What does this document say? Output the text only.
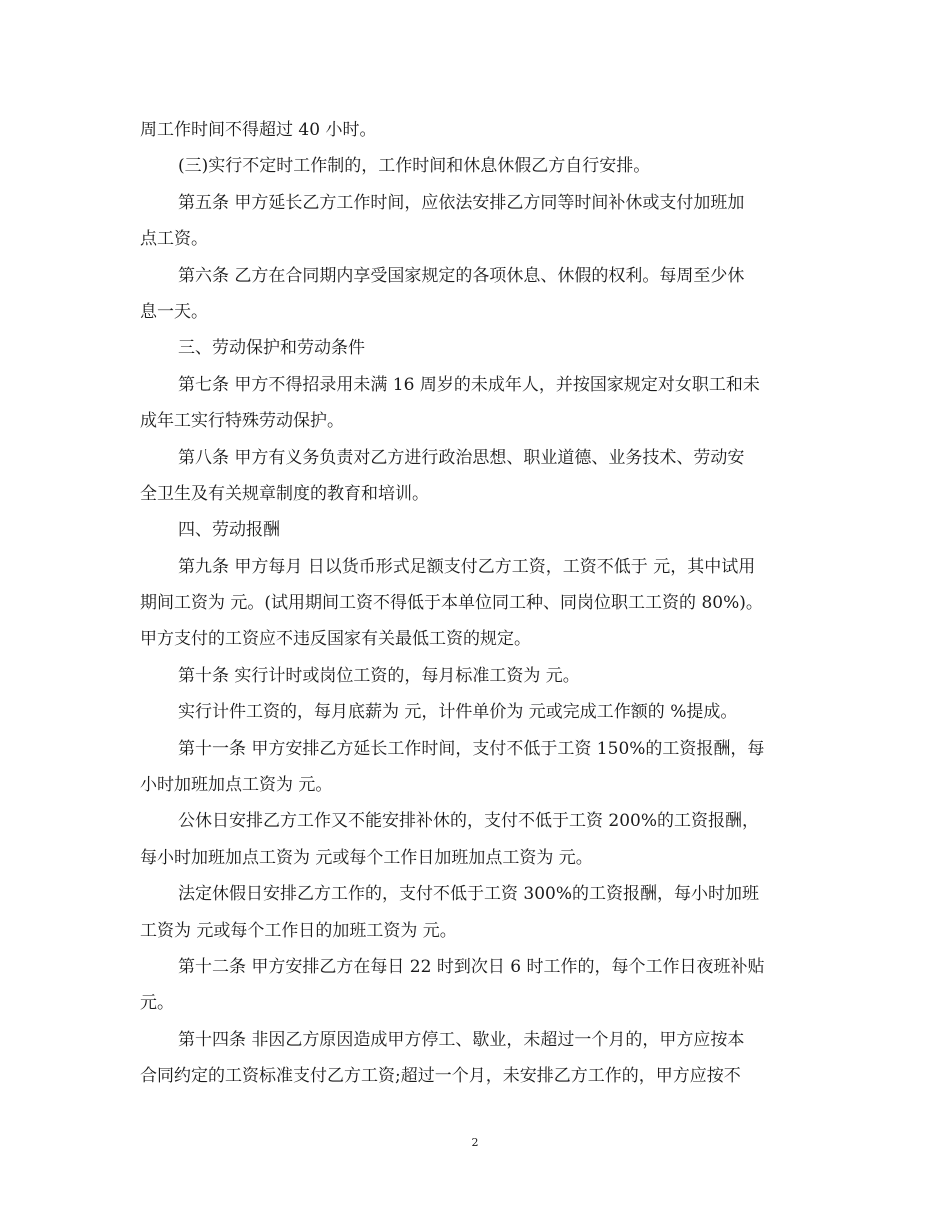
周工作时间不得超过 40 小时。
(三)实行不定时工作制的，工作时间和休息休假乙方自行安排。
第五条 甲方延长乙方工作时间，应依法安排乙方同等时间补休或支付加班加
点工资。
第六条 乙方在合同期内享受国家规定的各项休息、休假的权利。每周至少休
息一天。
三、劳动保护和劳动条件
第七条 甲方不得招录用未满 16 周岁的未成年人，并按国家规定对女职工和未
成年工实行特殊劳动保护。
第八条 甲方有义务负责对乙方进行政治思想、职业道德、业务技术、劳动安
全卫生及有关规章制度的教育和培训。
四、劳动报酬
第九条 甲方每月 日以货币形式足额支付乙方工资，工资不低于 元，其中试用
期间工资为 元。(试用期间工资不得低于本单位同工种、同岗位职工工资的 80%)。
甲方支付的工资应不违反国家有关最低工资的规定。
第十条 实行计时或岗位工资的，每月标准工资为 元。
实行计件工资的，每月底薪为 元，计件单价为 元或完成工作额的 %提成。
第十一条 甲方安排乙方延长工作时间，支付不低于工资 150%的工资报酬，每
小时加班加点工资为 元。
公休日安排乙方工作又不能安排补休的，支付不低于工资 200%的工资报酬，
每小时加班加点工资为 元或每个工作日加班加点工资为 元。
法定休假日安排乙方工作的，支付不低于工资 300%的工资报酬，每小时加班
工资为 元或每个工作日的加班工资为 元。
第十二条 甲方安排乙方在每日 22 时到次日 6 时工作的，每个工作日夜班补贴
元。
第十四条 非因乙方原因造成甲方停工、歇业，未超过一个月的，甲方应按本
合同约定的工资标准支付乙方工资;超过一个月，未安排乙方工作的，甲方应按不
2
